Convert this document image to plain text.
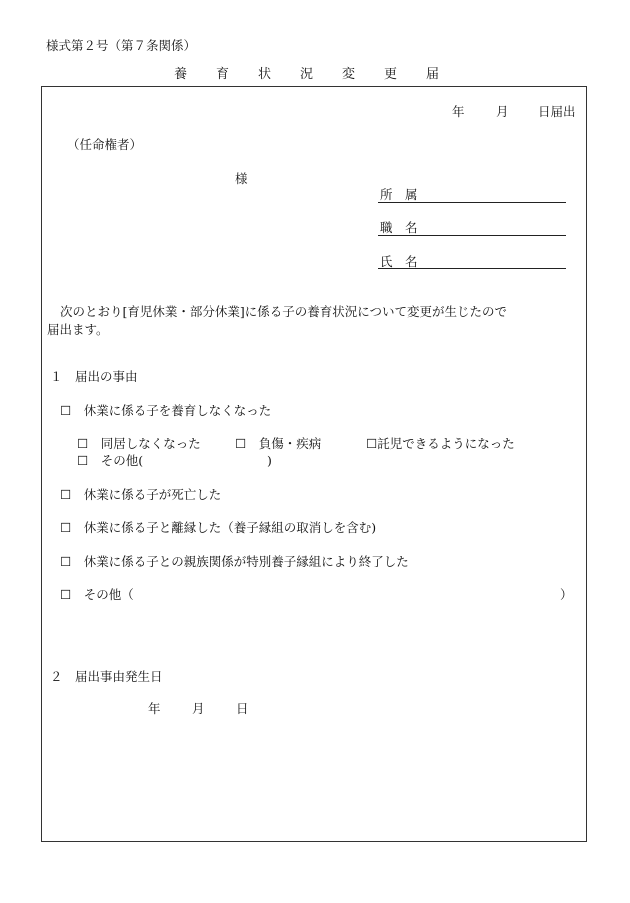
様式第２号（第７条関係）
養 育 状 況 変 更 届
年	月 日届出
（任命権者）
様
所　属
職　名
氏　名
次のとおり[育児休業・部分休業]に係る子の養育状況について変更が生じたので
届出ます。
１　届出の事由
☐　休業に係る子を養育しなくなった
☐　同居しなくなった	☐　負傷・疾病	☐託児できるようになった
☐　その他(	)
☐　休業に係る子が死亡した
☐　休業に係る子と離縁した（養子縁組の取消しを含む)
☐　休業に係る子との親族関係が特別養子縁組により終了した
☐　その他（	）
２　届出事由発生日
年	月	日
